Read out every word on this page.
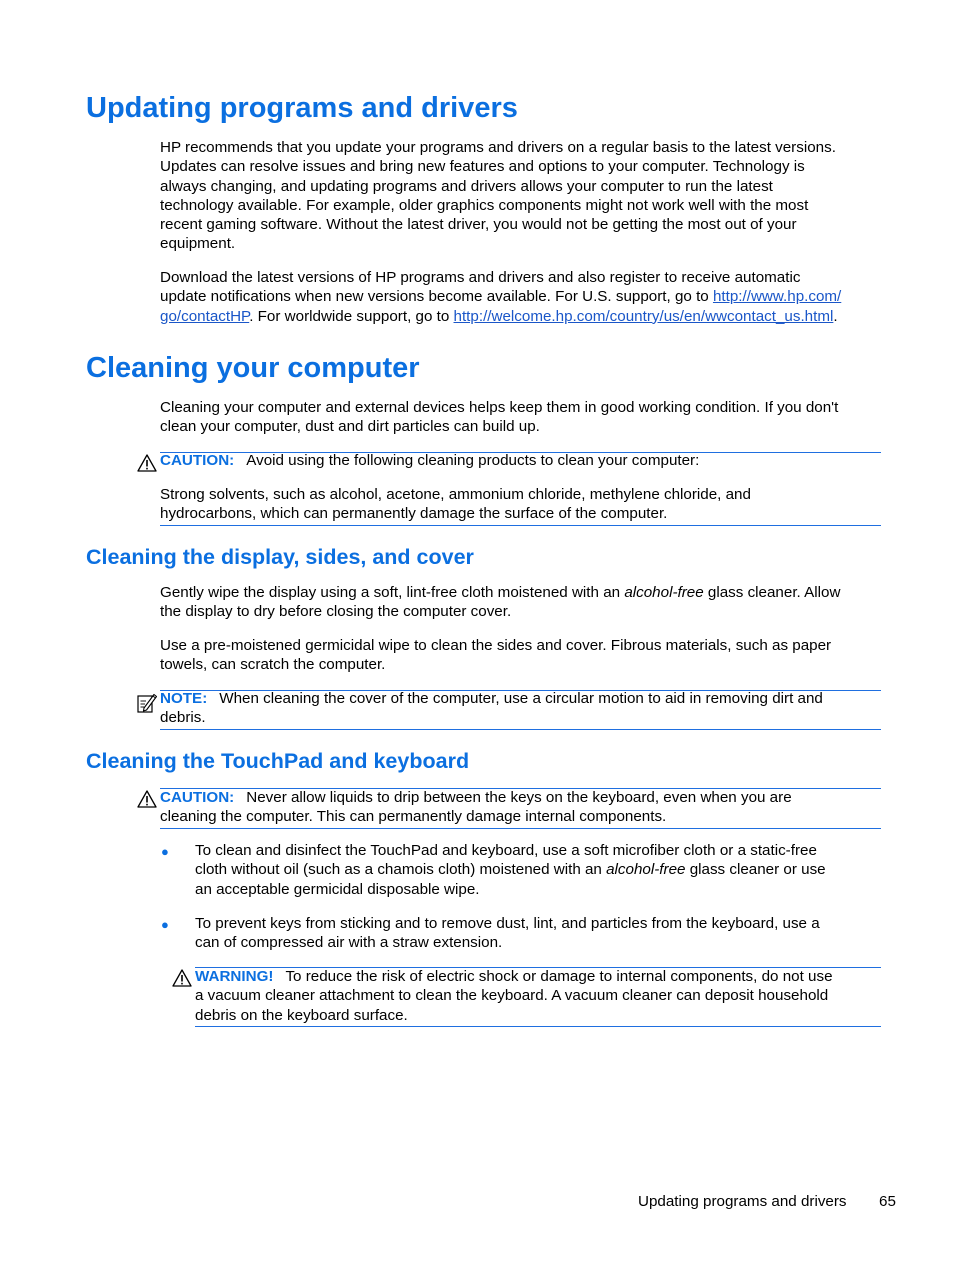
Updating programs and drivers
HP recommends that you update your programs and drivers on a regular basis to the latest versions.
Updates can resolve issues and bring new features and options to your computer. Technology is
always changing, and updating programs and drivers allows your computer to run the latest
technology available. For example, older graphics components might not work well with the most
recent gaming software. Without the latest driver, you would not be getting the most out of your
equipment.
Download the latest versions of HP programs and drivers and also register to receive automatic
update notifications when new versions become available. For U.S. support, go to http://www.hp.com/
go/contactHP. For worldwide support, go to http://welcome.hp.com/country/us/en/wwcontact_us.html.
Cleaning your computer
Cleaning your computer and external devices helps keep them in good working condition. If you don't
clean your computer, dust and dirt particles can build up.
CAUTION: Avoid using the following cleaning products to clean your computer:
Strong solvents, such as alcohol, acetone, ammonium chloride, methylene chloride, and
hydrocarbons, which can permanently damage the surface of the computer.
Cleaning the display, sides, and cover
Gently wipe the display using a soft, lint-free cloth moistened with an alcohol-free glass cleaner. Allow
the display to dry before closing the computer cover.
Use a pre-moistened germicidal wipe to clean the sides and cover. Fibrous materials, such as paper
towels, can scratch the computer.
NOTE: When cleaning the cover of the computer, use a circular motion to aid in removing dirt and
debris.
Cleaning the TouchPad and keyboard
CAUTION: Never allow liquids to drip between the keys on the keyboard, even when you are
cleaning the computer. This can permanently damage internal components.
● To clean and disinfect the TouchPad and keyboard, use a soft microfiber cloth or a static-free
cloth without oil (such as a chamois cloth) moistened with an alcohol-free glass cleaner or use
an acceptable germicidal disposable wipe.
● To prevent keys from sticking and to remove dust, lint, and particles from the keyboard, use a
can of compressed air with a straw extension.
WARNING! To reduce the risk of electric shock or damage to internal components, do not use
a vacuum cleaner attachment to clean the keyboard. A vacuum cleaner can deposit household
debris on the keyboard surface.
Updating programs and drivers 65
